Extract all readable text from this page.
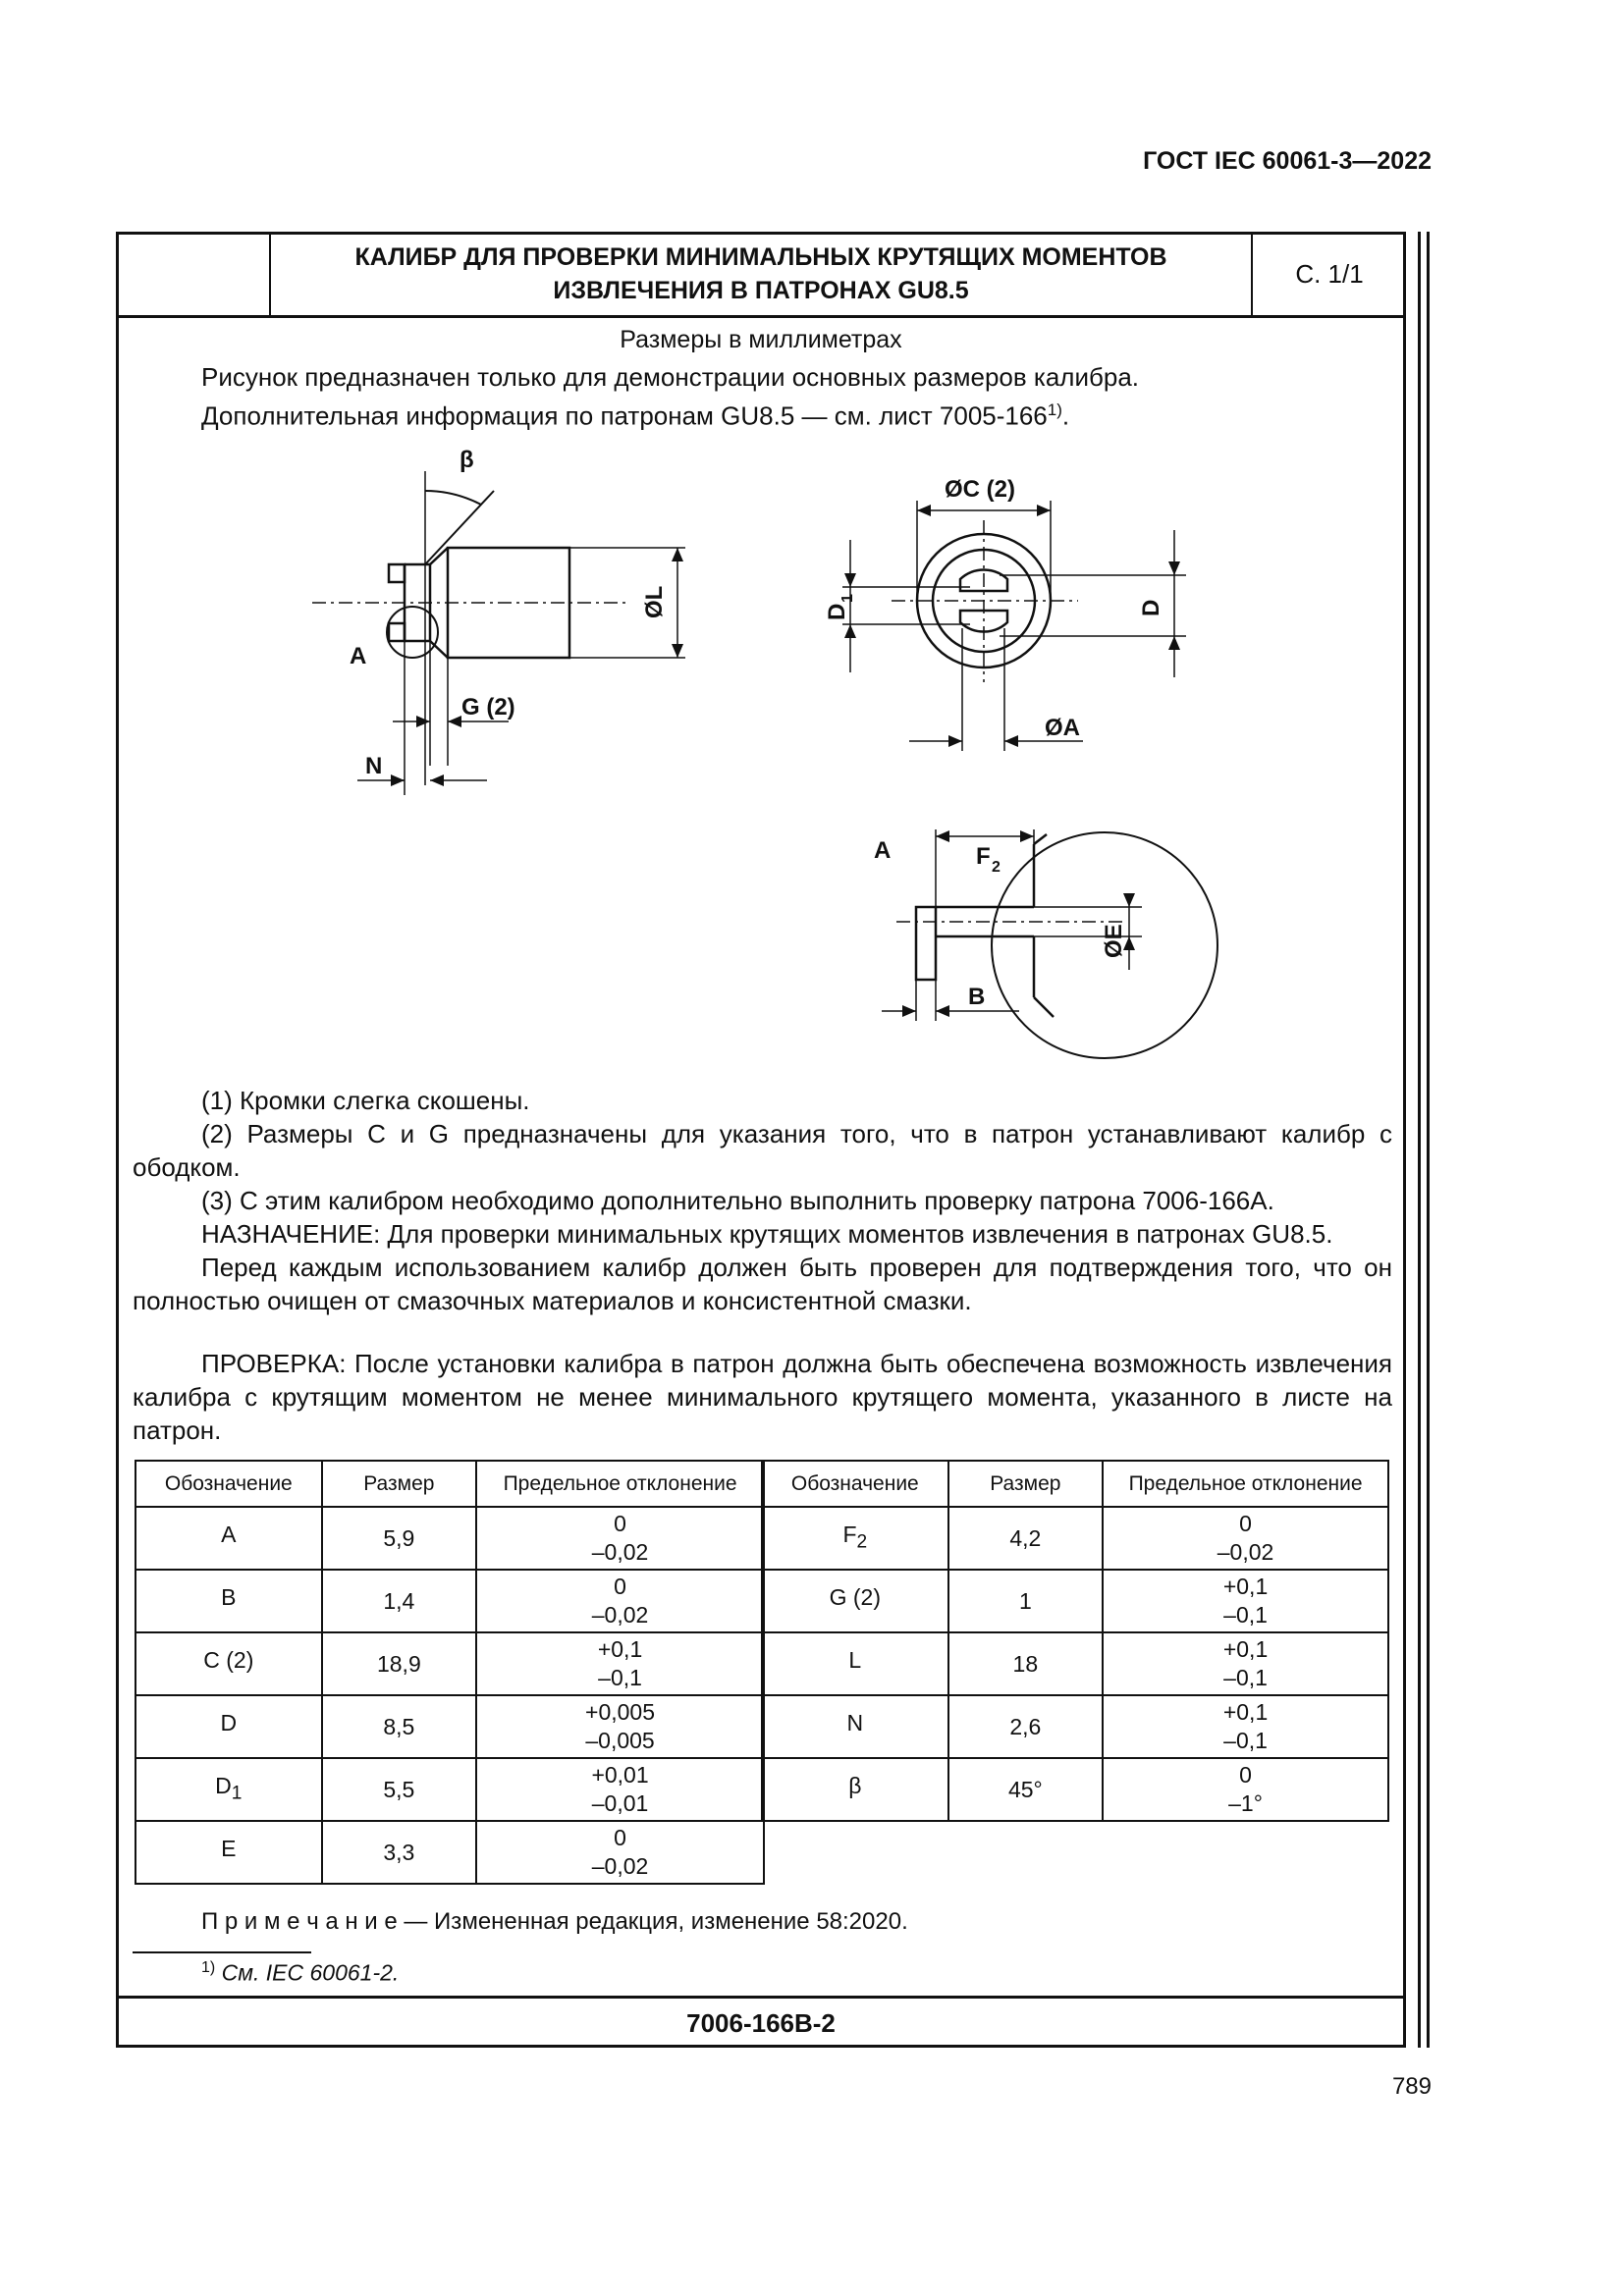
ГОСТ IEC 60061-3—2022
КАЛИБР ДЛЯ ПРОВЕРКИ МИНИМАЛЬНЫХ КРУТЯЩИХ МОМЕНТОВ
ИЗВЛЕЧЕНИЯ В ПАТРОНАХ GU8.5
С. 1/1
Размеры в миллиметрах
Рисунок предназначен только для демонстрации основных размеров калибра.
Дополнительная информация по патронам GU8.5 — см. лист 7005-166$^{1)}$.
β
A
ØL
G (2)
N
ØC (2)
D
1
D
ØA
A	F 2
ØE
B

(1) Кромки слегка скошены.

(2) Размеры C и G предназначены для указания того, что в патрон устанавливают калибр с ободком.

(3) С этим калибром необходимо дополнительно выполнить проверку патрона 7006-166A.

НАЗНАЧЕНИЕ: Для проверки минимальных крутящих моментов извлечения в патронах GU8.5.

Перед каждым использованием калибр должен быть проверен для подтверждения того, что он полностью очищен от смазочных материалов и консистентной смазки.

ПРОВЕРКА: После установки калибра в патрон должна быть обеспечена возможность извлечения калибра с крутящим моментом не менее минимального крутящего момента, указанного в листе на патрон.

Обозначение	Размер	Предельное отклонение
A	5,9	0
–0,02

B	1,4	0
–0,02

C (2)	18,9	+0,1
–0,1

D	8,5	+0,005
–0,005

$D_1$	5,5	+0,01
–0,01

E	3,3	0
–0,02
Обозначение	Размер	Предельное отклонение
$F_2$	4,2	0
–0,02

G (2)	1	+0,1
–0,1

L	18	+0,1
–0,1

N	2,6	+0,1
–0,1

β	45°	0
–1°
П р и м е ч а н и е — Измененная редакция, изменение 58:2020.
$^{1)}$ См. IEC 60061-2.
7006-166B-2
789
